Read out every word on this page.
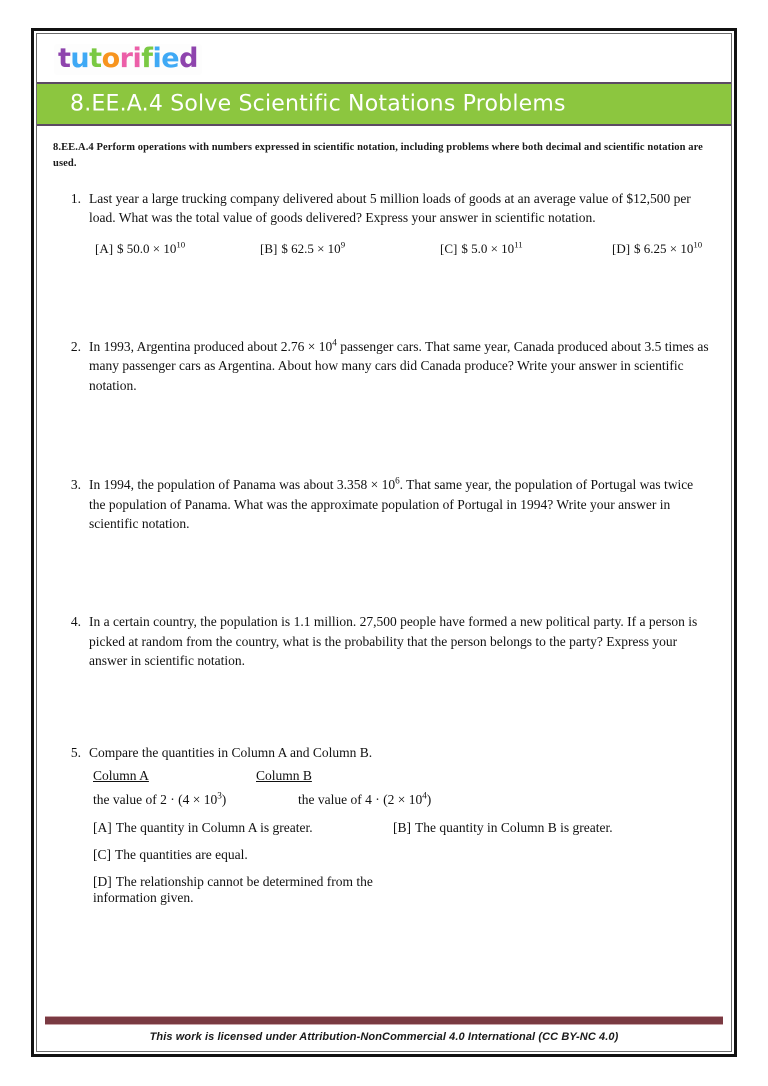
tutorified
8.EE.A.4 Solve Scientific Notations Problems
8.EE.A.4 Perform operations with numbers expressed in scientific notation, including problems where both decimal and scientific notation are used.
1. Last year a large trucking company delivered about 5 million loads of goods at an average value of $12,500 per load. What was the total value of goods delivered? Express your answer in scientific notation.
[A] $ $50.0 \times 10^{10}$	[B] $ $62.5 \times 10^9$	[C] $ $5.0 \times 10^{11}$	[D] $ $6.25 \times 10^{10}$
2. In 1993, Argentina produced about $2.76 \times 10^4$ passenger cars. That same year, Canada produced about 3.5 times as many passenger cars as Argentina. About how many cars did Canada produce? Write your answer in scientific notation.
3. In 1994, the population of Panama was about $3.358 \times 10^6$. That same year, the population of Portugal was twice the population of Panama. What was the approximate population of Portugal in 1994? Write your answer in scientific notation.
4. In a certain country, the population is 1.1 million. 27,500 people have formed a new political party. If a person is picked at random from the country, what is the probability that the person belongs to the party? Express your answer in scientific notation.
5. Compare the quantities in Column A and Column B.
Column A	Column B
the value of $2 \cdot (4 \times 10^3)$	the value of $4 \cdot (2 \times 10^4)$
[A] The quantity in Column A is greater.	[B] The quantity in Column B is greater.
[C] The quantities are equal.
[D] The relationship cannot be determined from the information given.
This work is licensed under Attribution-NonCommercial 4.0 International (CC BY-NC 4.0)
